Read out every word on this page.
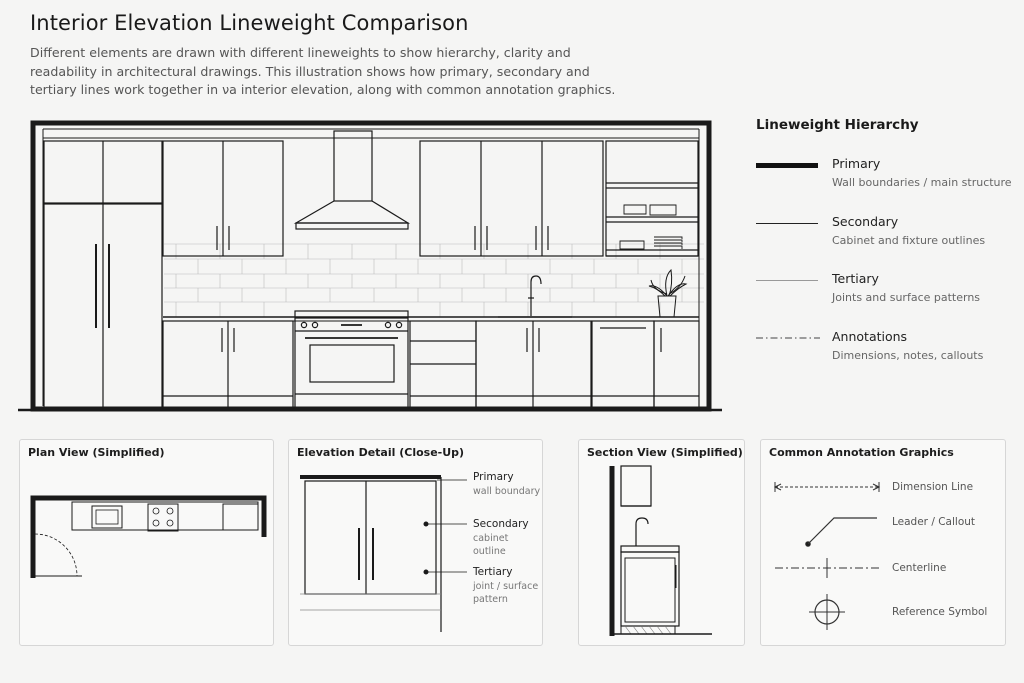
Interior Elevation Lineweight Comparison
Different elements are drawn with different lineweights to show hierarchy, clarity and readability in architectural drawings. This illustration shows how primary, secondary and tertiary lines work together in νa interior elevation, along with common annotation graphics.
Lineweight Hierarchy
Primary
Wall boundaries / main structure
Secondary
Cabinet and fixture outlines
Tertiary
Joints and surface patterns
Annotations
Dimensions, notes, callouts
Plan View (Simplified)	Elevation Detail (Close-Up)
Primary
wall boundary
Secondary
cabinet outline
Tertiary
joint / surface
pattern
Section View (Simplified) Common Annotation Graphics
Dimension Line
Leader / Callout
Centerline
Reference Symbol
